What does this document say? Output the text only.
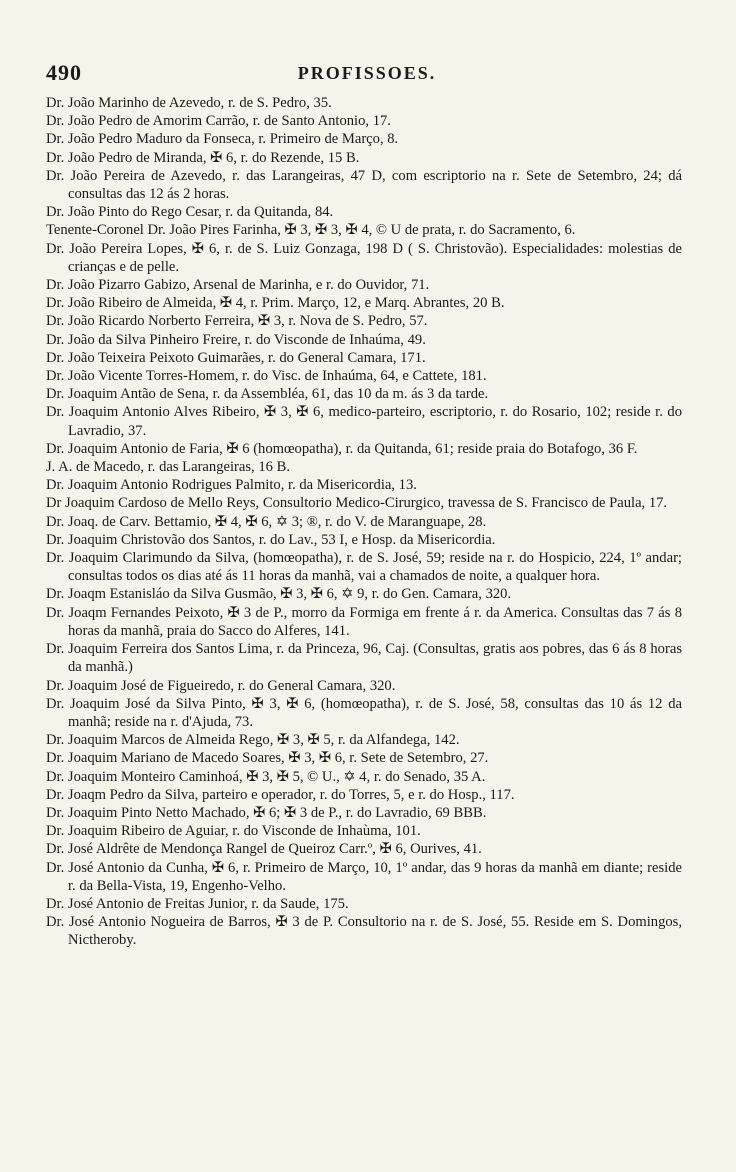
490	PROFISSOES.
Dr. João Marinho de Azevedo, r. de S. Pedro, 35.
Dr. João Pedro de Amorim Carrão, r. de Santo Antonio, 17.
Dr. João Pedro Maduro da Fonseca, r. Primeiro de Março, 8.
Dr. João Pedro de Miranda, ✠ 6, r. do Rezende, 15 B.
Dr. João Pereira de Azevedo, r. das Larangeiras, 47 D, com escriptorio na r. Sete de Setembro, 24; dá consultas das 12 ás 2 horas.
Dr. João Pinto do Rego Cesar, r. da Quitanda, 84.
Tenente-Coronel Dr. João Pires Farinha, ✠ 3, ✠ 3, ✠ 4, © U de prata, r. do Sacramento, 6.
Dr. João Pereira Lopes, ✠ 6, r. de S. Luiz Gonzaga, 198 D ( S. Christovão). Especialidades: molestias de crianças e de pelle.
Dr. João Pizarro Gabizo, Arsenal de Marinha, e r. do Ouvidor, 71.
Dr. João Ribeiro de Almeida, ✠ 4, r. Prim. Março, 12, e Marq. Abrantes, 20 B.
Dr. João Ricardo Norberto Ferreira, ✠ 3, r. Nova de S. Pedro, 57.
Dr. João da Silva Pinheiro Freire, r. do Visconde de Inhaúma, 49.
Dr. João Teixeira Peixoto Guimarães, r. do General Camara, 171.
Dr. João Vicente Torres-Homem, r. do Visc. de Inhaúma, 64, e Cattete, 181.
Dr. Joaquim Antão de Sena, r. da Assembléa, 61, das 10 da m. ás 3 da tarde.
Dr. Joaquim Antonio Alves Ribeiro, ✠ 3, ✠ 6, medico-parteiro, escriptorio, r. do Rosario, 102; reside r. do Lavradio, 37.
Dr. Joaquim Antonio de Faria, ✠ 6 (homœopatha), r. da Quitanda, 61; reside praia do Botafogo, 36 F.
J. A. de Macedo, r. das Larangeiras, 16 B.
Dr. Joaquim Antonio Rodrigues Palmito, r. da Misericordia, 13.
Dr Joaquim Cardoso de Mello Reys, Consultorio Medico-Cirurgico, travessa de S. Francisco de Paula, 17.
Dr. Joaq. de Carv. Bettamio, ✠ 4, ✠ 6, ✡ 3; ®, r. do V. de Maranguape, 28.
Dr. Joaquim Christovão dos Santos, r. do Lav., 53 I, e Hosp. da Misericordia.
Dr. Joaquim Clarimundo da Silva, (homœopatha), r. de S. José, 59; reside na r. do Hospicio, 224, 1º andar; consultas todos os dias até ás 11 horas da manhã, vai a chamados de noite, a qualquer hora.
Dr. Joaqm Estanisláo da Silva Gusmão, ✠ 3, ✠ 6, ✡ 9, r. do Gen. Camara, 320.
Dr. Joaqm Fernandes Peixoto, ✠ 3 de P., morro da Formiga em frente á r. da America. Consultas das 7 ás 8 horas da manhã, praia do Sacco do Alferes, 141.
Dr. Joaquim Ferreira dos Santos Lima, r. da Princeza, 96, Caj. (Consultas, gratis aos pobres, das 6 ás 8 horas da manhã.)
Dr. Joaquim José de Figueiredo, r. do General Camara, 320.
Dr. Joaquim José da Silva Pinto, ✠ 3, ✠ 6, (homœopatha), r. de S. José, 58, consultas das 10 ás 12 da manhã; reside na r. d'Ajuda, 73.
Dr. Joaquim Marcos de Almeida Rego, ✠ 3, ✠ 5, r. da Alfandega, 142.
Dr. Joaquim Mariano de Macedo Soares, ✠ 3, ✠ 6, r. Sete de Setembro, 27.
Dr. Joaquim Monteiro Caminhoá, ✠ 3, ✠ 5, © U., ✡ 4, r. do Senado, 35 A.
Dr. Joaqm Pedro da Silva, parteiro e operador, r. do Torres, 5, e r. do Hosp., 117.
Dr. Joaquim Pinto Netto Machado, ✠ 6; ✠ 3 de P., r. do Lavradio, 69 BBB.
Dr. Joaquim Ribeiro de Aguiar, r. do Visconde de Inhaùma, 101.
Dr. José Aldrête de Mendonça Rangel de Queiroz Carr.º, ✠ 6, Ourives, 41.
Dr. José Antonio da Cunha, ✠ 6, r. Primeiro de Março, 10, 1º andar, das 9 horas da manhã em diante; reside r. da Bella-Vista, 19, Engenho-Velho.
Dr. José Antonio de Freitas Junior, r. da Saude, 175.
Dr. José Antonio Nogueira de Barros, ✠ 3 de P. Consultorio na r. de S. José, 55. Reside em S. Domingos, Nictheroby.
